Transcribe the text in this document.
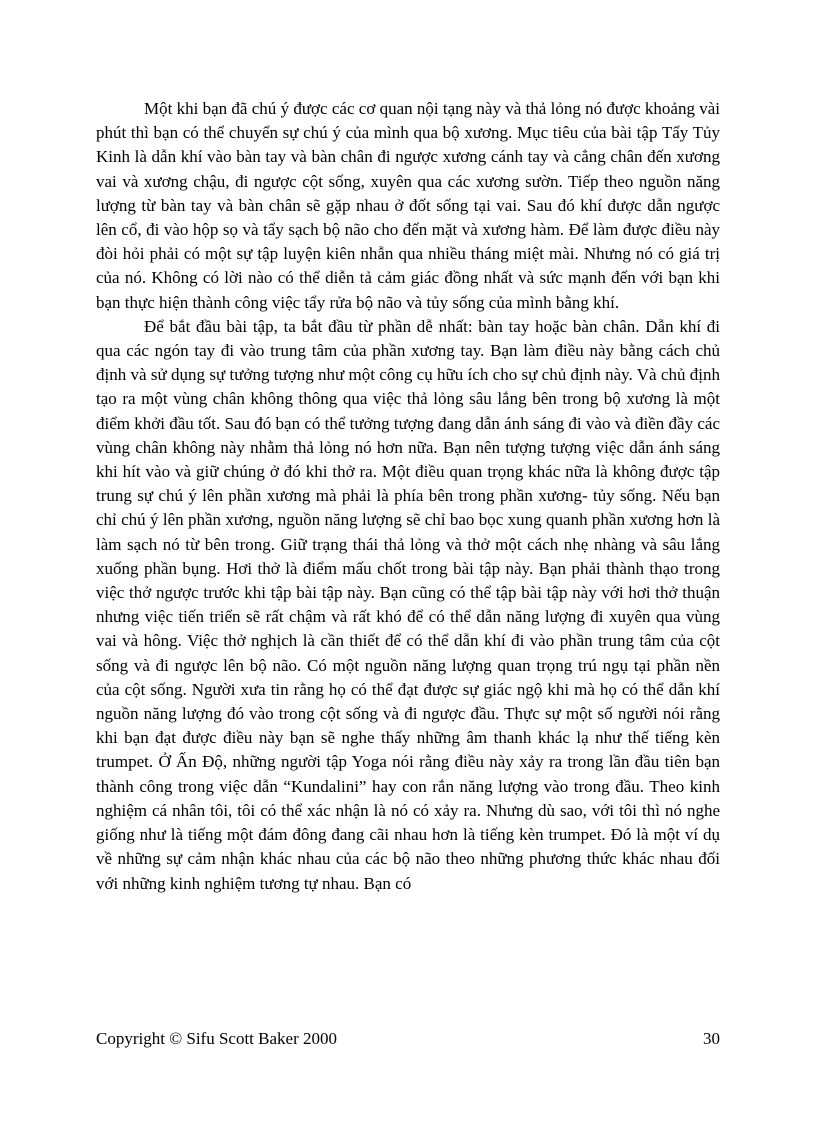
Một khi bạn đã chú ý được các cơ quan nội tạng này và thả lỏng nó được khoảng vài phút thì bạn có thể chuyển sự chú ý của mình qua bộ xương. Mục tiêu của bài tập Tẩy Tủy Kinh là dẫn khí vào bàn tay và bàn chân đi ngược xương cánh tay và cẳng chân đến xương vai và xương chậu, đi ngược cột sống, xuyên qua các xương sườn. Tiếp theo nguồn năng lượng từ bàn tay và bàn chân sẽ gặp nhau ở đốt sống tại vai. Sau đó khí được dẫn ngược lên cổ, đi vào hộp sọ và tẩy sạch bộ não cho đến mặt và xương hàm. Để làm được điều này đòi hỏi phải có một sự tập luyện kiên nhẫn qua nhiều tháng miệt mài. Nhưng nó có giá trị của nó. Không có lời nào có thể diễn tả cảm giác đồng nhất và sức mạnh đến với bạn khi bạn thực hiện thành công việc tẩy rửa bộ não và tủy sống của mình bằng khí.

Để bắt đầu bài tập, ta bắt đầu từ phần dễ nhất: bàn tay hoặc bàn chân. Dẫn khí đi qua các ngón tay đi vào trung tâm của phần xương tay. Bạn làm điều này bằng cách chủ định và sử dụng sự tưởng tượng như một công cụ hữu ích cho sự chủ định này. Và chủ định tạo ra một vùng chân không thông qua việc thả lỏng sâu lắng bên trong bộ xương là một điểm khởi đầu tốt. Sau đó bạn có thể tưởng tượng đang dẫn ánh sáng đi vào và điền đầy các vùng chân không này nhằm thả lỏng nó hơn nữa. Bạn nên tượng tượng việc dẫn ánh sáng khi hít vào và giữ chúng ở đó khi thở ra. Một điều quan trọng khác nữa là không được tập trung sự chú ý lên phần xương mà phải là phía bên trong phần xương- tủy sống. Nếu bạn chỉ chú ý lên phần xương, nguồn năng lượng sẽ chỉ bao bọc xung quanh phần xương hơn là làm sạch nó từ bên trong. Giữ trạng thái thả lỏng và thở một cách nhẹ nhàng và sâu lắng xuống phần bụng. Hơi thở là điểm mấu chốt trong bài tập này. Bạn phải thành thạo trong việc thở ngược trước khi tập bài tập này. Bạn cũng có thể tập bài tập này với hơi thở thuận nhưng việc tiến triển sẽ rất chậm và rất khó để có thể dẫn năng lượng đi xuyên qua vùng vai và hông. Việc thở nghịch là cần thiết để có thể dẫn khí đi vào phần trung tâm của cột sống và đi ngược lên bộ não. Có một nguồn năng lượng quan trọng trú ngụ tại phần nền của cột sống. Người xưa tin rằng họ có thể đạt được sự giác ngộ khi mà họ có thể dẫn khí nguồn năng lượng đó vào trong cột sống và đi ngược đầu. Thực sự một số người nói rằng khi bạn đạt được điều này bạn sẽ nghe thấy những âm thanh khác lạ như thế tiếng kèn trumpet. Ở Ấn Độ, những người tập Yoga nói rằng điều này xảy ra trong lần đầu tiên bạn thành công trong việc dẫn “Kundalini” hay con rắn năng lượng vào trong đầu. Theo kinh nghiệm cá nhân tôi, tôi có thể xác nhận là nó có xảy ra. Nhưng dù sao, với tôi thì nó nghe giống như là tiếng một đám đông đang cãi nhau hơn là tiếng kèn trumpet. Đó là một ví dụ về những sự cảm nhận khác nhau của các bộ não theo những phương thức khác nhau đối với những kinh nghiệm tương tự nhau. Bạn có

Copyright © Sifu Scott Baker 2000	30
